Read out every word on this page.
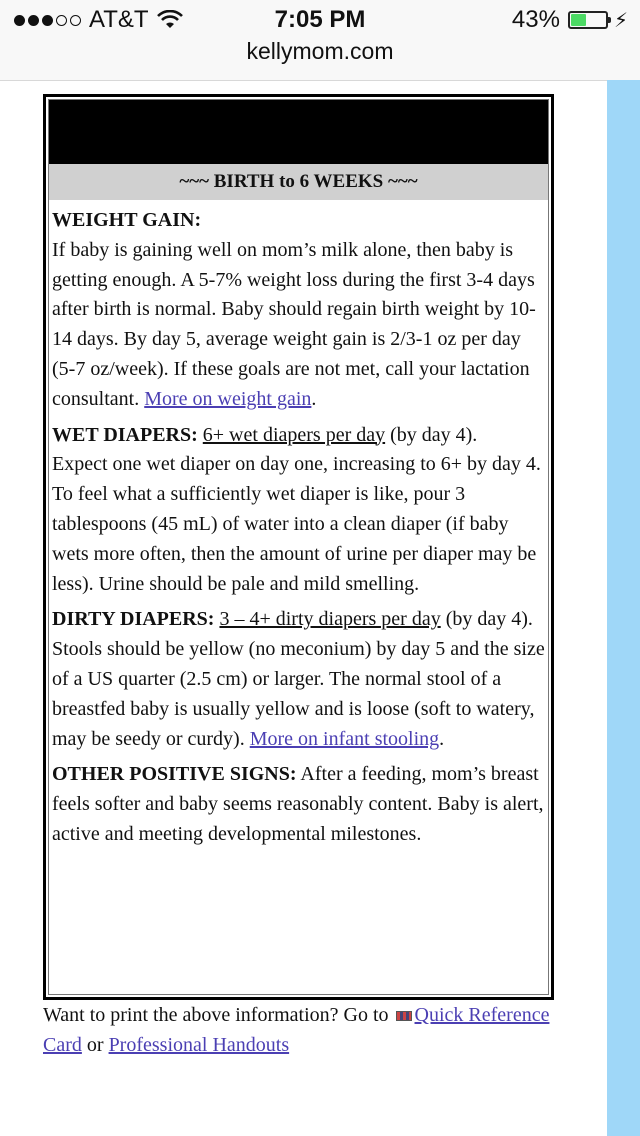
AT&T	7:05 PM	43%	⚡
kellymom.com
~~~ BIRTH to 6 WEEKS ~~~
WEIGHT GAIN:
If baby is gaining well on mom’s milk alone, then baby is getting enough. A 5-7% weight loss during the first 3-4 days after birth is normal. Baby should regain birth weight by 10-14 days. By day 5, average weight gain is 2/3-1 oz per day (5-7 oz/week). If these goals are not met, call your lactation consultant. More on weight gain.
WET DIAPERS: 6+ wet diapers per day (by day 4).
Expect one wet diaper on day one, increasing to 6+ by day 4. To feel what a sufficiently wet diaper is like, pour 3 tablespoons (45 mL) of water into a clean diaper (if baby wets more often, then the amount of urine per diaper may be less). Urine should be pale and mild smelling.
DIRTY DIAPERS: 3 – 4+ dirty diapers per day (by day 4).
Stools should be yellow (no meconium) by day 5 and the size of a US quarter (2.5 cm) or larger. The normal stool of a breastfed baby is usually yellow and is loose (soft to watery, may be seedy or curdy). More on infant stooling.
OTHER POSITIVE SIGNS: After a feeding, mom’s breast feels softer and baby seems reasonably content. Baby is alert, active and meeting developmental milestones.
Want to print the above information? Go to Quick Reference Card or Professional Handouts
